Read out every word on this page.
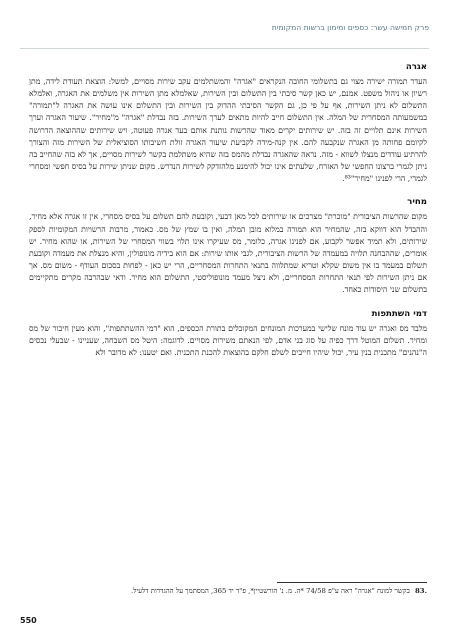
פרק חמישה עשר: כספים ומימון ברשות המקומית
אגרה

העדר תמורה ישירה מצוי גם בתשלומי החובה הנקראים "אגרה" והמשתלמים עקב שירות מסויים, למשל: הוצאת תעודת לידה, מתן רשיון או ניהול משפט. אמנם, יש כאן קשר סיבתי בין התשלום ובין השירות, שאלמלא מתן השירות אין משלמים את האגרה, ואלמלא התשלום לא ניתן השירות, אף על פי כן, גם הקשר הסיבתי ההדוק בין השירות ובין התשלום אינו עושה את האגרה ל"תמורה" במשמעותה המסחרית של המלה. אין התשלום חייב להיות מתאים לערך השירות. בזה נבדלת "אגרה" מ"מחיר". שיעור האגרה וערך השירות אינם תלויים זה בזה. יש שירותים יקרים מאוד שהרשות נותנת אותם בעד אגרה פעוטה, ויש שירותים שההוצאה הדרושה לקיומם פחותה מן האגרה שנקבעה להם. אין קנה-מידה לקביעת שיעור האגרה זולת חשיבותו הסוציאלית של השירות מזה והצורך להרתיע עודדים מנצלו לשווא - מזה. נראה שהאגרה נבדלת מהמס בזה שהיא משתלמת בקשר לשירות מסויים, אך לא בזה שהחייב בה ניתן לגמרי ברצונו החפשי של האזרח, שלעתים אינו יכול להימנע מלהזדקק לשירות הנדרש. מקום שניתן שירות על בסיס חפשי ומסחרי לגמרי, הרי לפנינו "מחיר"⁸³.

מחיר

מקום שהרשות הציבורית "מוכרת" מצרכים או שירותים לכל מאן דבעי, וקובעת להם תשלום על בסיס מסחרי, אין זו אגרה אלא מחיר, וההבדל הוא דווקא בזה, שהמחיר הוא תמורה במלוא מובן המלה, ואין בו שמץ של מס. כאמור, מרבות הרשויות המקומיות לספק שירותים, ולא תמיד אפשר לקבוע, אם לפנינו אגרה, כלומר, מס שעיקרו אינו תלוי בשווי המסחרי של השירות, או שהוא מחיר. יש אומרים, שההבחנה תלויה במעמדה של הרשות הציבורית, לגבי אותו שירות: אם הוא בידיה מונופולין, והיא מנצלת את מעמדה וקובעת תשלום במעמד בו אין משום שקלא וטריא שמתלווה בתנאי התחרות המסחריים, הרי יש כאן - לפחות בסכום העודף - משום מס. אך אם ניתן השירות לפי תנאי התחרות המסחריים, ולא ניצל מעמד מונופוליסטי, התשלום הוא מחיר. ודאי שבהרבה מקרים מתקיימים בתשלום שני היסודות כאחד.

דמי השתתפות

מלבד מס ואגרה יש עוד מונח שלישי במערכות המונחים המקובלים בתורת הכספים, הוא "דמי ההשתתפות", והוא מעין חיבור של מס ומחיר. תשלום המוטל דרך כפיה על סוג בני אדם, לפי הנאתם משירות מסויים. לדוגמה: היטל מס השבחה, שעניינו - שבעלי נכסים ה"נהנים" מתכנית בנין עיר, יכול שיהיו חייבים לשלם חלקם בהוצאות להכנת התכנית. ואם יטענו: לא מדובר ולא

.83 בקשר למונח "אגרה" ראה ע"פ 74/58 *ה. מ. נ' הורשטיין*, פ"ד יד 365, המסתמך על ההגדרות דלעיל.
550
